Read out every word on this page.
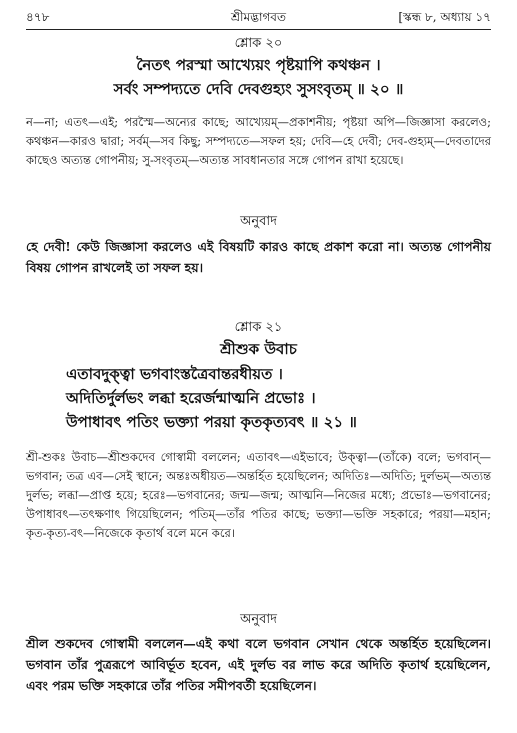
৪৭৮	শ্রীমদ্ভাগবত	[স্কন্ধ ৮, অধ্যায় ১৭
শ্লোক ২০
নৈতৎ পরস্মা আখ্যেয়ং পৃষ্টয়াপি কথঞ্চন ।
সর্বং সম্পদ্যতে দেবি দেবগুহ্যং সুসংবৃতম্ ॥ ২০ ॥
ন—না; এতৎ—এই; পরস্মৈ—অন্যের কাছে; আখ্যেয়ম্—প্রকাশনীয়; পৃষ্টয়া অপি—জিজ্ঞাসা করলেও; কথঞ্চন—কারও দ্বারা; সর্বম্—সব কিছু; সম্পদ্যতে—সফল হয়; দেবি—হে দেবী; দেব-গুহ্যম্—দেবতাদের কাছেও অত্যন্ত গোপনীয়; সু-সংবৃতম্—অত্যন্ত সাবধানতার সঙ্গে গোপন রাখা হয়েছে।
অনুবাদ
হে দেবী! কেউ জিজ্ঞাসা করলেও এই বিষয়টি কারও কাছে প্রকাশ করো না। অত্যন্ত গোপনীয় বিষয় গোপন রাখলেই তা সফল হয়।
শ্লোক ২১
শ্রীশুক উবাচ
এতাবদুক্ত্বা ভগবাংস্তত্রৈবান্তরধীয়ত ।
অদিতির্দুর্লভং লব্ধা হরের্জন্মাত্মনি প্রভোঃ ।
উপাধাবৎ পতিং ভক্ত্যা পরয়া কৃতকৃত্যবৎ ॥ ২১ ॥
শ্রী-শুকঃ উবাচ—শ্রীশুকদেব গোস্বামী বললেন; এতাবৎ—এইভাবে; উক্ত্বা—(তাঁকে) বলে; ভগবান্—ভগবান; তত্র এব—সেই স্থানে; অন্তঃঅধীয়ত—অন্তর্হিত হয়েছিলেন; অদিতিঃ—অদিতি; দুর্লভম্—অত্যন্ত দুর্লভ; লব্ধা—প্রাপ্ত হয়ে; হরেঃ—ভগবানের; জন্ম—জন্ম; আত্মনি—নিজের মধ্যে; প্রভোঃ—ভগবানের; উপাধাবৎ—তৎক্ষণাৎ গিয়েছিলেন; পতিম্—তাঁর পতির কাছে; ভক্ত্যা—ভক্তি সহকারে; পরয়া—মহান; কৃত-কৃত্য-বৎ—নিজেকে কৃতার্থ বলে মনে করে।
অনুবাদ
শ্রীল শুকদেব গোস্বামী বললেন—এই কথা বলে ভগবান সেখান থেকে অন্তর্হিত হয়েছিলেন। ভগবান তাঁর পুত্ররূপে আবির্ভূত হবেন, এই দুর্লভ বর লাভ করে অদিতি কৃতার্থ হয়েছিলেন, এবং পরম ভক্তি সহকারে তাঁর পতির সমীপবর্তী হয়েছিলেন।
